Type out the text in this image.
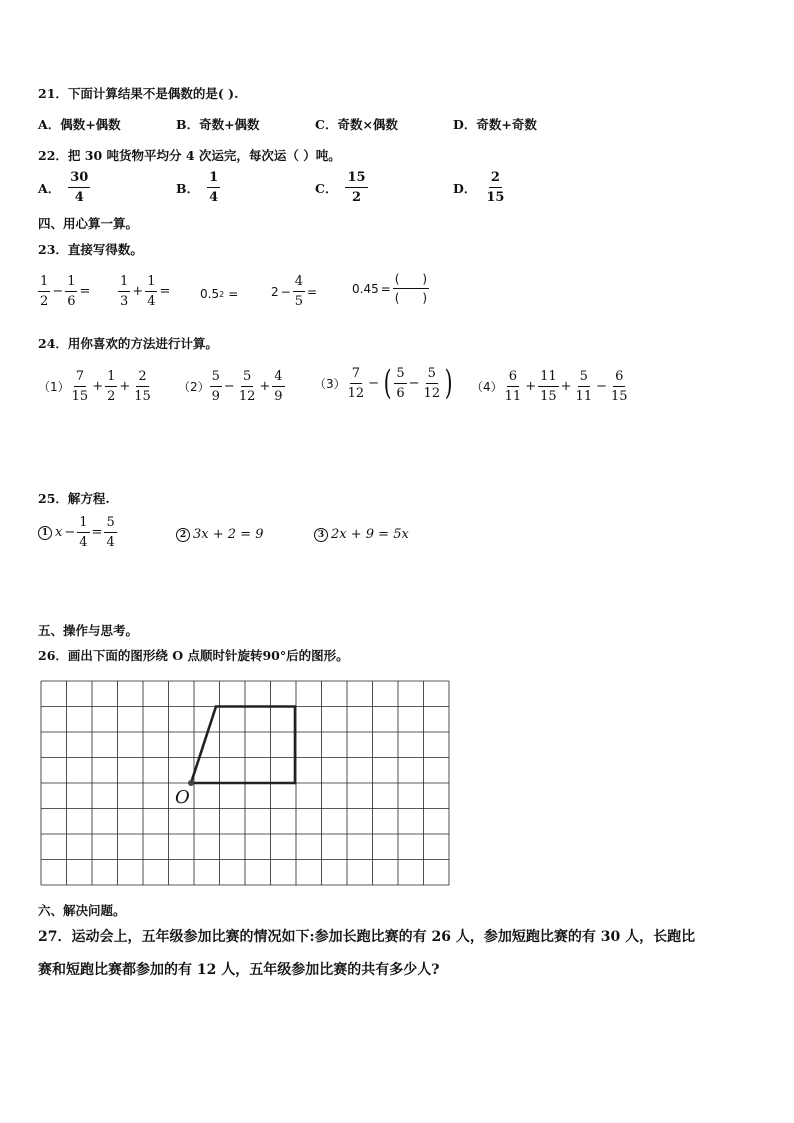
21．下面计算结果不是偶数的是( ).
A．偶数+偶数	B．奇数+偶数	C．奇数×偶数	D．奇数+奇数
22．把 30 吨货物平均分 4 次运完，每次运（ ）吨。
A． $\frac{30}{4}$	B． $\frac{1}{4}$	C． $\frac{15}{2}$	D． $\frac{2}{15}$
四、用心算一算。
23．直接写得数。
$\frac{1}{2} - \frac{1}{6} = \frac{1}{3} + \frac{1}{4} = 0.5$ 2 =	$2 - \frac{4}{5}$ =	$0.45 = \frac{( )}{( )}$
24．用你喜欢的方法进行计算。
$(1) \frac{7}{15} + \frac{1}{2} + \frac{2}{15} (2) \frac{5}{9} - \frac{5}{12} + \frac{4}{9} (3) \frac{7}{12}$ − ( $\frac{5}{6} - \frac{5}{12}$ ) $(4) \frac{6}{11} + \frac{11}{15} + \frac{5}{11} - \frac{6}{15}$
25．解方程.
1 $x - \frac{1}{4} = \frac{5}{4}$	2 3x + 2 = 9	3 2x + 9 = 5x
五、操作与思考。
26．画出下面的图形绕 O 点顺时针旋转90°后的图形。
O
六、解决问题。
27．运动会上，五年级参加比赛的情况如下:参加长跑比赛的有 26 人，参加短跑比赛的有 30 人，长跑比
赛和短跑比赛都参加的有 12 人，五年级参加比赛的共有多少人?
